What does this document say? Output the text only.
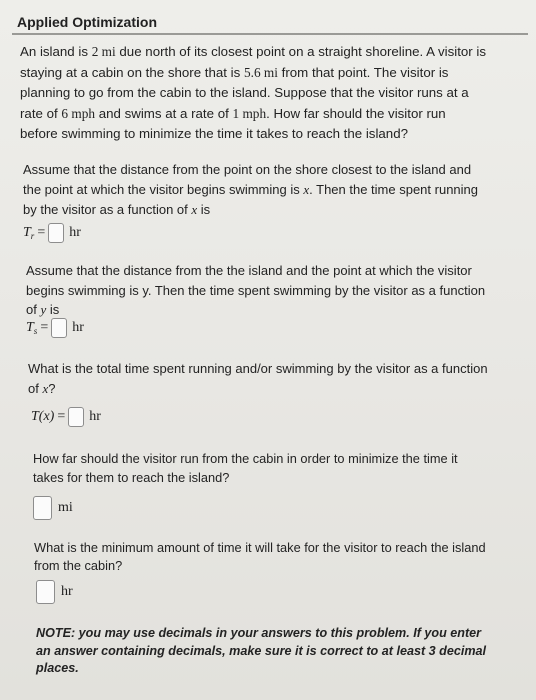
Applied Optimization
An island is 2 mi due north of its closest point on a straight shoreline. A visitor is
staying at a cabin on the shore that is 5.6 mi from that point. The visitor is
planning to go from the cabin to the island. Suppose that the visitor runs at a
rate of 6 mph and swims at a rate of 1 mph. How far should the visitor run
before swimming to minimize the time it takes to reach the island?
Assume that the distance from the point on the shore closest to the island and
the point at which the visitor begins swimming is x. Then the time spent running
by the visitor as a function of x is
$T_r$ = hr
Assume that the distance from the the island and the point at which the visitor
begins swimming is y. Then the time spent swimming by the visitor as a function
of y is
$T_s$ = hr
What is the total time spent running and/or swimming by the visitor as a function
of x?
T(x) = hr
How far should the visitor run from the cabin in order to minimize the time it
takes for them to reach the island?
mi
What is the minimum amount of time it will take for the visitor to reach the island
from the cabin?
hr
NOTE: you may use decimals in your answers to this problem. If you enter
an answer containing decimals, make sure it is correct to at least 3 decimal
places.
